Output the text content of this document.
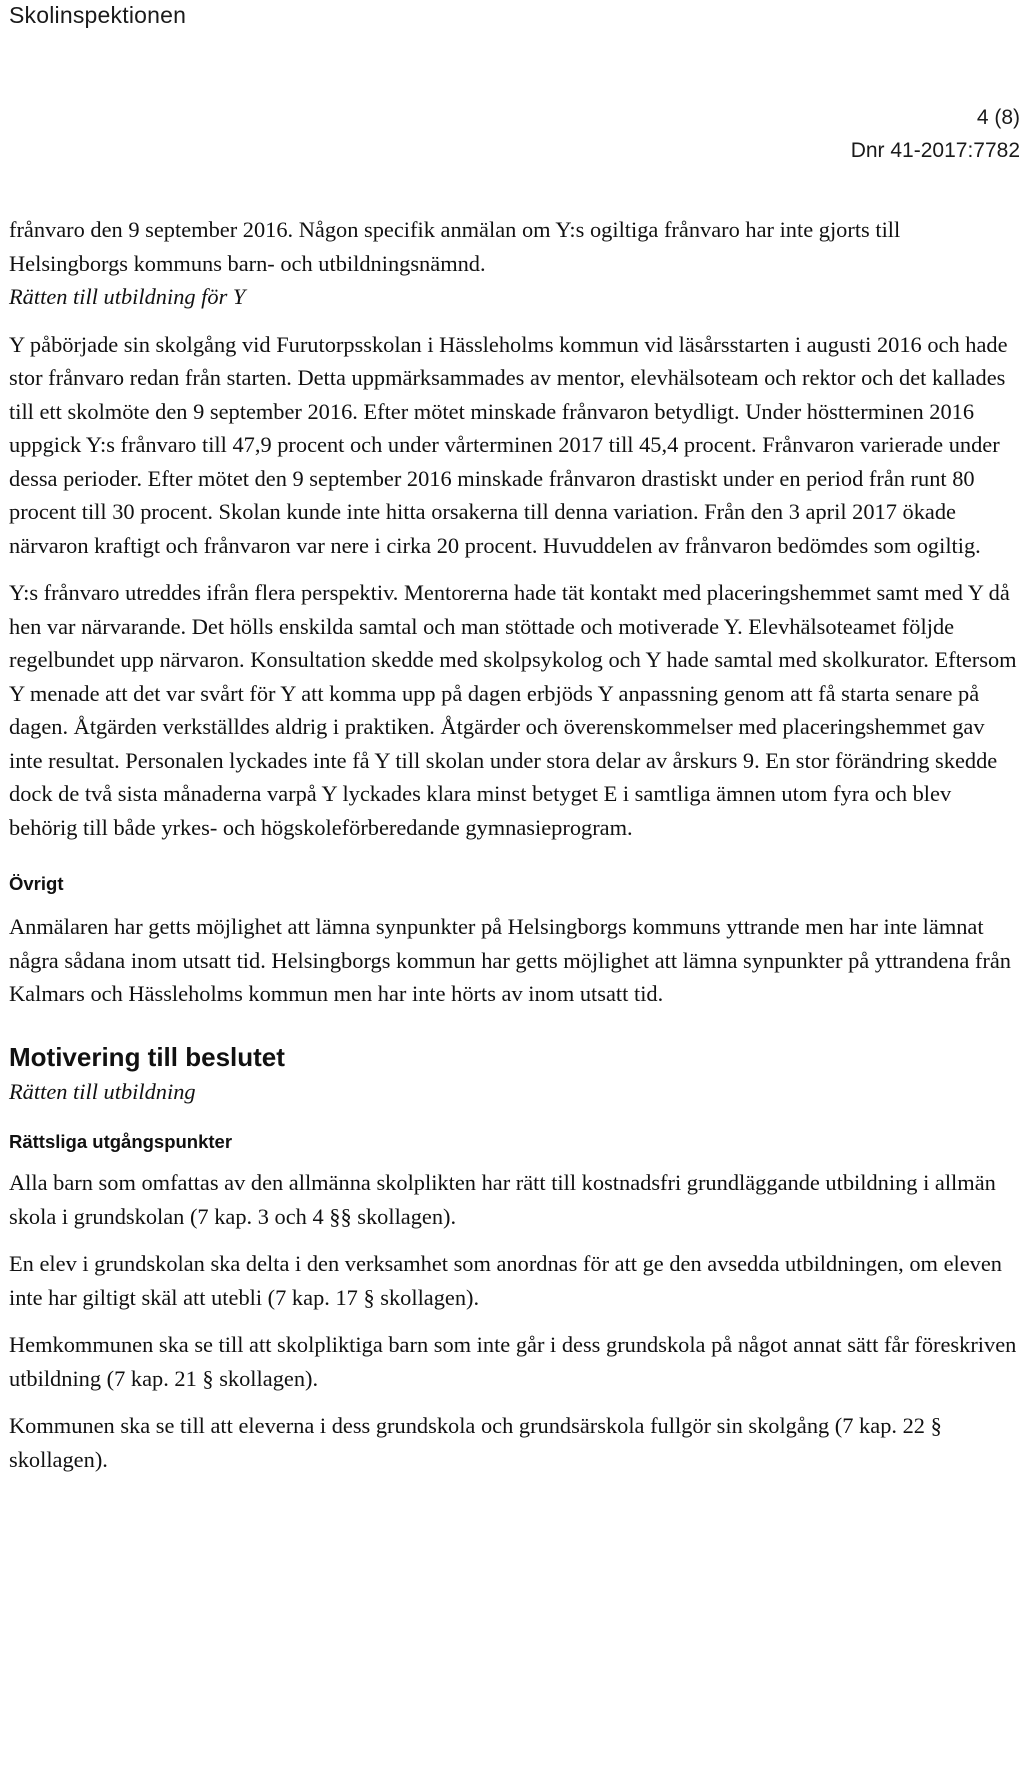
Skolinspektionen
4 (8)
Dnr 41-2017:7782

frånvaro den 9 september 2016. Någon specifik anmälan om Y:s ogiltiga frånvaro har inte gjorts till Helsingborgs kommuns barn- och utbildningsnämnd.

Rätten till utbildning för Y

Y påbörjade sin skolgång vid Furutorpsskolan i Hässleholms kommun vid läsårsstarten i augusti 2016 och hade stor frånvaro redan från starten. Detta uppmärksammades av mentor, elevhälsoteam och rektor och det kallades till ett skolmöte den 9 september 2016. Efter mötet minskade frånvaron betydligt. Under höstterminen 2016 uppgick Y:s frånvaro till 47,9 procent och under vårterminen 2017 till 45,4 procent. Frånvaron varierade under dessa perioder. Efter mötet den 9 september 2016 minskade frånvaron drastiskt under en period från runt 80 procent till 30 procent. Skolan kunde inte hitta orsakerna till denna variation. Från den 3 april 2017 ökade närvaron kraftigt och frånvaron var nere i cirka 20 procent. Huvuddelen av frånvaron bedömdes som ogiltig.

Y:s frånvaro utreddes ifrån flera perspektiv. Mentorerna hade tät kontakt med placeringshemmet samt med Y då hen var närvarande. Det hölls enskilda samtal och man stöttade och motiverade Y. Elevhälsoteamet följde regelbundet upp närvaron. Konsultation skedde med skolpsykolog och Y hade samtal med skolkurator. Eftersom Y menade att det var svårt för Y att komma upp på dagen erbjöds Y anpassning genom att få starta senare på dagen. Åtgärden verkställdes aldrig i praktiken. Åtgärder och överenskommelser med placeringshemmet gav inte resultat. Personalen lyckades inte få Y till skolan under stora delar av årskurs 9. En stor förändring skedde dock de två sista månaderna varpå Y lyckades klara minst betyget E i samtliga ämnen utom fyra och blev behörig till både yrkes- och högskoleförberedande gymnasieprogram.

Övrigt

Anmälaren har getts möjlighet att lämna synpunkter på Helsingborgs kommuns yttrande men har inte lämnat några sådana inom utsatt tid. Helsingborgs kommun har getts möjlighet att lämna synpunkter på yttrandena från Kalmars och Hässleholms kommun men har inte hörts av inom utsatt tid.

Motivering till beslutet

Rätten till utbildning

Rättsliga utgångspunkter

Alla barn som omfattas av den allmänna skolplikten har rätt till kostnadsfri grundläggande utbildning i allmän skola i grundskolan (7 kap. 3 och 4 §§ skollagen).

En elev i grundskolan ska delta i den verksamhet som anordnas för att ge den avsedda utbildningen, om eleven inte har giltigt skäl att utebli (7 kap. 17 § skollagen).

Hemkommunen ska se till att skolpliktiga barn som inte går i dess grundskola på något annat sätt får föreskriven utbildning (7 kap. 21 § skollagen).

Kommunen ska se till att eleverna i dess grundskola och grundsärskola fullgör sin skolgång (7 kap. 22 § skollagen).
